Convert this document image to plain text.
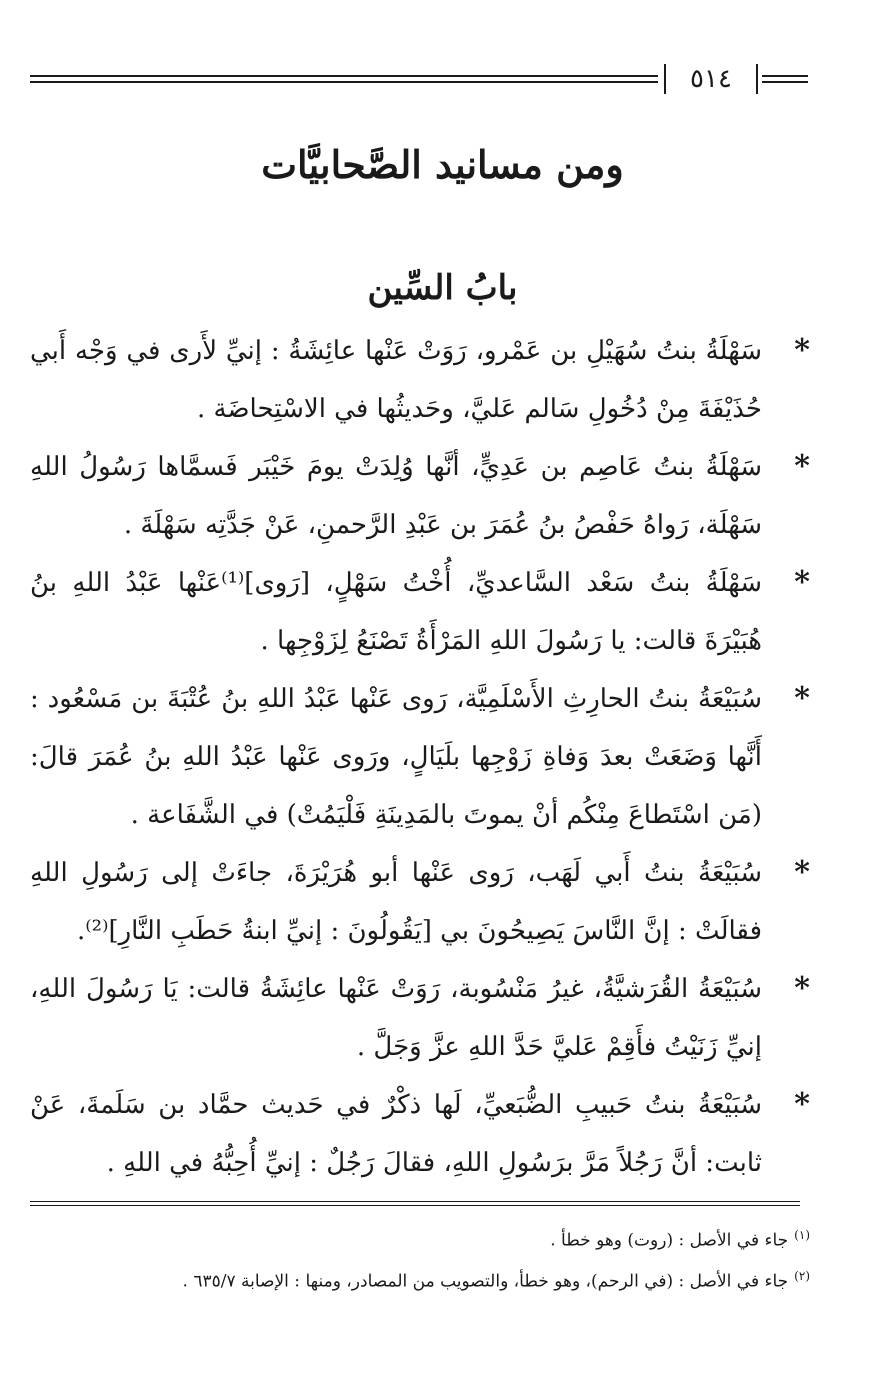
٥١٤
ومن مسانيد الصَّحابيَّات
بابُ السِّين
*
سَهْلَةُ بنتُ سُهَيْلِ بن عَمْرو، رَوَتْ عَنْها عائِشَةُ : إنيِّ لأَرى في وَجْه أَبي حُذَيْفَةَ مِنْ دُخُولِ سَالم عَليَّ، وحَديثُها في الاسْتِحاضَة .
*
سَهْلَةُ بنتُ عَاصِم بن عَدِيٍّ، أنَّها وُلِدَتْ يومَ خَيْبَر فَسمَّاها رَسُولُ اللهِ سَهْلَة، رَواهُ حَفْصُ بنُ عُمَرَ بن عَبْدِ الرَّحمنِ، عَنْ جَدَّتِه سَهْلَةَ .
*
سَهْلَةُ بنتُ سَعْد السَّاعديِّ، أُخْتُ سَهْلٍ، [رَوى]⁽¹⁾عَنْها عَبْدُ اللهِ بنُ هُبَيْرَةَ قالت: يا رَسُولَ اللهِ المَرْأَةُ تَصْنَعُ لِزَوْجِها .
*
سُبَيْعَةُ بنتُ الحارِثِ الأَسْلَمِيَّة، رَوى عَنْها عَبْدُ اللهِ بنُ عُتْبَةَ بن مَسْعُود : أَنَّها وَضَعَتْ بعدَ وَفاةِ زَوْجِها بلَيَالٍ، ورَوى عَنْها عَبْدُ اللهِ بنُ عُمَرَ قالَ: (مَن اسْتَطاعَ مِنْكُم أنْ يموتَ بالمَدِينَةِ فَلْيَمُتْ) في الشَّفَاعة .
*
سُبَيْعَةُ بنتُ أَبي لَهَب، رَوى عَنْها أبو هُرَيْرَةَ، جاءَتْ إلى رَسُولِ اللهِ فقالَتْ : إنَّ النَّاسَ يَصِيحُونَ بي [يَقُولُونَ : إنيِّ ابنةُ حَطَبِ النَّارِ]⁽²⁾.
*
سُبَيْعَةُ القُرَشيَّةُ، غيرُ مَنْسُوبة، رَوَتْ عَنْها عائِشَةُ قالت: يَا رَسُولَ اللهِ، إنيِّ زَنَيْتُ فأَقِمْ عَليَّ حَدَّ اللهِ عزَّ وَجَلَّ .
*
سُبَيْعَةُ بنتُ حَبيبِ الضُّبَعيِّ، لَها ذكْرٌ في حَديث حمَّاد بن سَلَمةَ، عَنْ ثابت: أنَّ رَجُلاً مَرَّ برَسُولِ اللهِ، فقالَ رَجُلٌ : إنيِّ أُحِبُّهُ في اللهِ .
$^{(١)}$جاء في الأصل : (روت) وهو خطأ .
$^{(٢)}$جاء في الأصل : (في الرحم)، وهو خطأ، والتصويب من المصادر، ومنها : الإصابة ٦٣٥/٧ .
